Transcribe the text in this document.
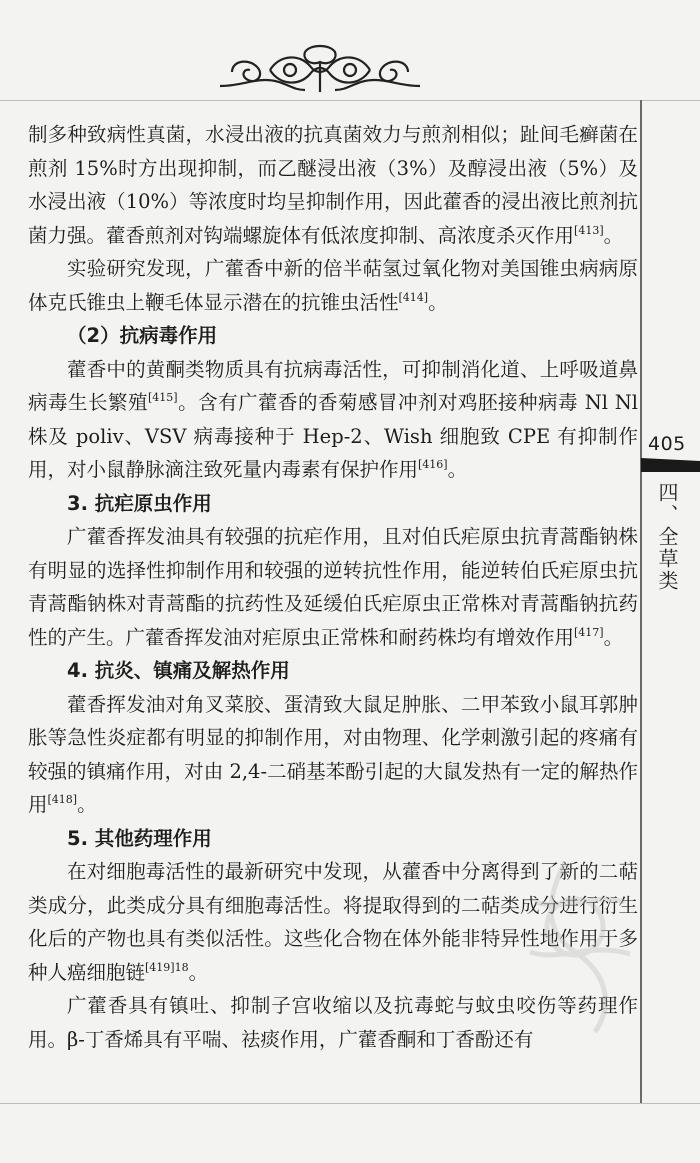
制多种致病性真菌，水浸出液的抗真菌效力与煎剂相似；趾间毛癣菌在煎剂 15%时方出现抑制，而乙醚浸出液（3%）及醇浸出液（5%）及水浸出液（10%）等浓度时均呈抑制作用，因此藿香的浸出液比煎剂抗菌力强。藿香煎剂对钩端螺旋体有低浓度抑制、高浓度杀灭作用[413]。

实验研究发现，广藿香中新的倍半萜氢过氧化物对美国锥虫病病原体克氏锥虫上鞭毛体显示潜在的抗锥虫活性[414]。

（2）抗病毒作用

藿香中的黄酮类物质具有抗病毒活性，可抑制消化道、上呼吸道鼻病毒生长繁殖[415]。含有广藿香的香菊感冒冲剂对鸡胚接种病毒 Nl Nl 株及 poliv、VSV 病毒接种于 Hep-2、Wish 细胞致 CPE 有抑制作用，对小鼠静脉滴注致死量内毒素有保护作用[416]。

3. 抗疟原虫作用

广藿香挥发油具有较强的抗疟作用，且对伯氏疟原虫抗青蒿酯钠株有明显的选择性抑制作用和较强的逆转抗性作用，能逆转伯氏疟原虫抗青蒿酯钠株对青蒿酯的抗药性及延缓伯氏疟原虫正常株对青蒿酯钠抗药性的产生。广藿香挥发油对疟原虫正常株和耐药株均有增效作用[417]。

4. 抗炎、镇痛及解热作用

藿香挥发油对角叉菜胶、蛋清致大鼠足肿胀、二甲苯致小鼠耳郭肿胀等急性炎症都有明显的抑制作用，对由物理、化学刺激引起的疼痛有较强的镇痛作用，对由 2,4-二硝基苯酚引起的大鼠发热有一定的解热作用[418]。

5. 其他药理作用

在对细胞毒活性的最新研究中发现，从藿香中分离得到了新的二萜类成分，此类成分具有细胞毒活性。将提取得到的二萜类成分进行衍生化后的产物也具有类似活性。这些化合物在体外能非特异性地作用于多种人癌细胞链$^{[419]18}$。

广藿香具有镇吐、抑制子宫收缩以及抗毒蛇与蚊虫咬伤等药理作用。β-丁香烯具有平喘、祛痰作用，广藿香酮和丁香酚还有

405
四、全草类
